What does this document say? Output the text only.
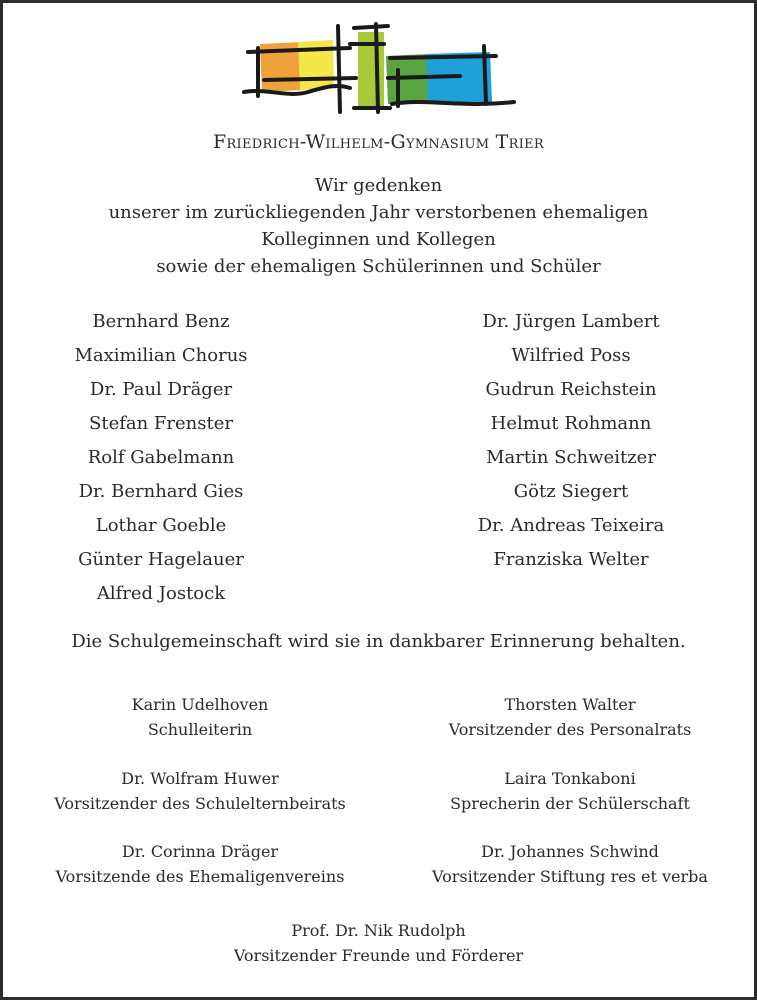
Friedrich-Wilhelm-Gymnasium Trier
Wir gedenken
unserer im zurückliegenden Jahr verstorbenen ehemaligen
Kolleginnen und Kollegen
sowie der ehemaligen Schülerinnen und Schüler
Bernhard Benz
Maximilian Chorus
Dr. Paul Dräger
Stefan Frenster
Rolf Gabelmann
Dr. Bernhard Gies
Lothar Goeble
Günter Hagelauer
Alfred Jostock
Dr. Jürgen Lambert
Wilfried Poss
Gudrun Reichstein
Helmut Rohmann
Martin Schweitzer
Götz Siegert
Dr. Andreas Teixeira
Franziska Welter
Die Schulgemeinschaft wird sie in dankbarer Erinnerung behalten.
Karin Udelhoven
Schulleiterin
Thorsten Walter
Vorsitzender des Personalrats
Dr. Wolfram Huwer
Vorsitzender des Schulelternbeirats
Laira Tonkaboni
Sprecherin der Schülerschaft
Dr. Corinna Dräger
Vorsitzende des Ehemaligenvereins
Dr. Johannes Schwind
Vorsitzender Stiftung res et verba
Prof. Dr. Nik Rudolph
Vorsitzender Freunde und Förderer
